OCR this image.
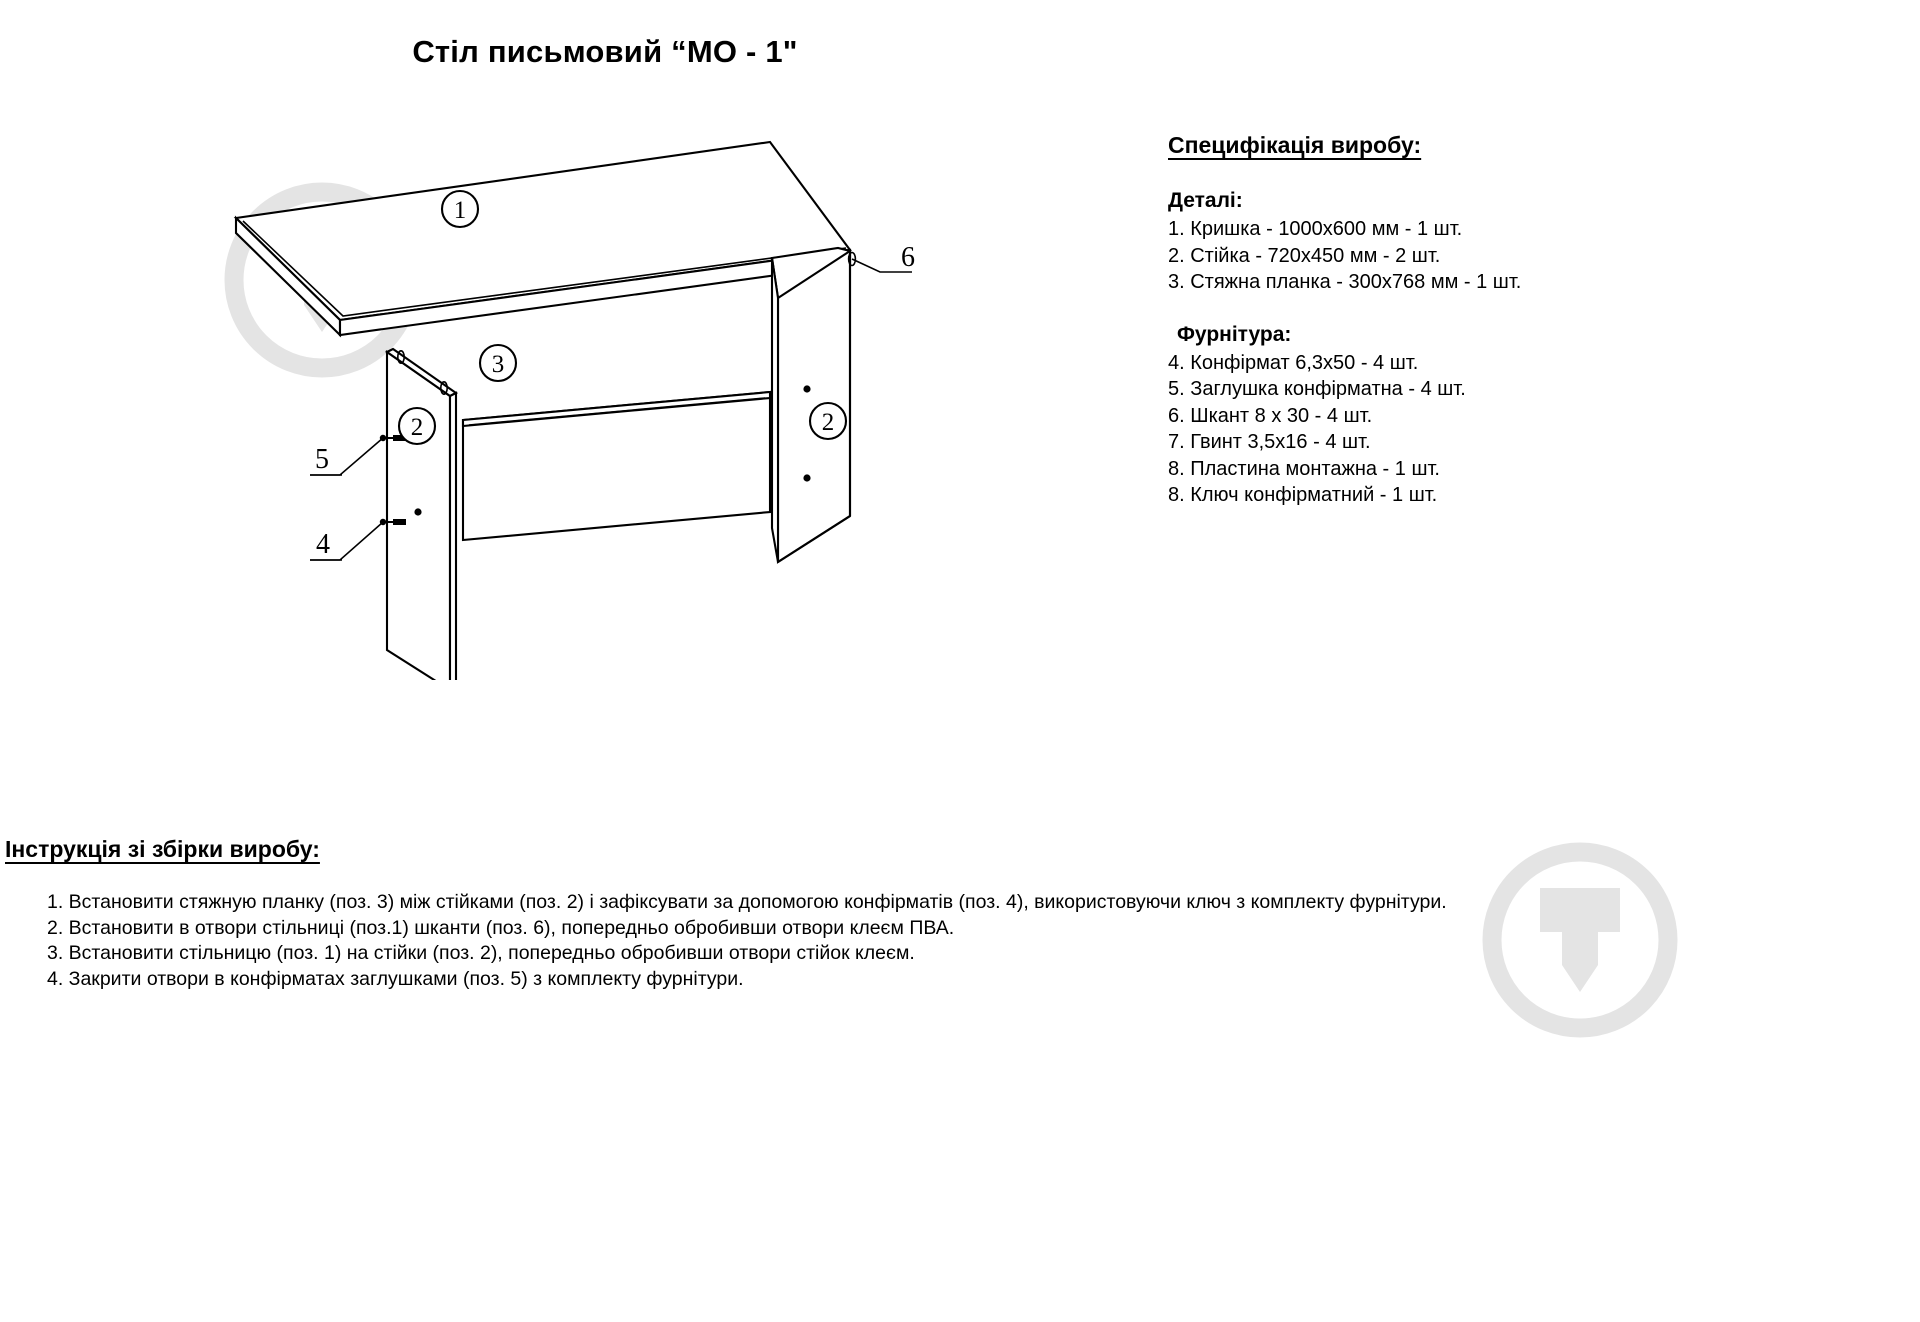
Стіл письмовий “МО - 1"
5
4
6
1
2	2
3
Специфікація виробу:
Деталі:
1. Кришка - 1000х600 мм - 1 шт.
2. Стійка - 720х450 мм - 2 шт.
3. Стяжна планка - 300х768 мм - 1 шт.
Фурнітура:
4. Конфірмат 6,3х50 - 4 шт.
5. Заглушка конфірматна - 4 шт.
6. Шкант 8 х 30 - 4 шт.
7. Гвинт 3,5х16 - 4 шт.
8. Пластина монтажна - 1 шт.
8. Ключ конфірматний - 1 шт.
Інструкція зі збірки виробу:
1. Встановити стяжную планку (поз. 3) між стійками (поз. 2) і зафіксувати за допомогою конфірматів (поз. 4), використовуючи ключ з комплекту фурнітури.
2. Встановити в отвори стільниці (поз.1) шканти (поз. 6), попередньо обробивши отвори клеєм ПВА.
3. Встановити стільницю (поз. 1) на стійки (поз. 2), попередньо обробивши отвори стійок клеєм.
4. Закрити отвори в конфірматах заглушками (поз. 5) з комплекту фурнітури.
